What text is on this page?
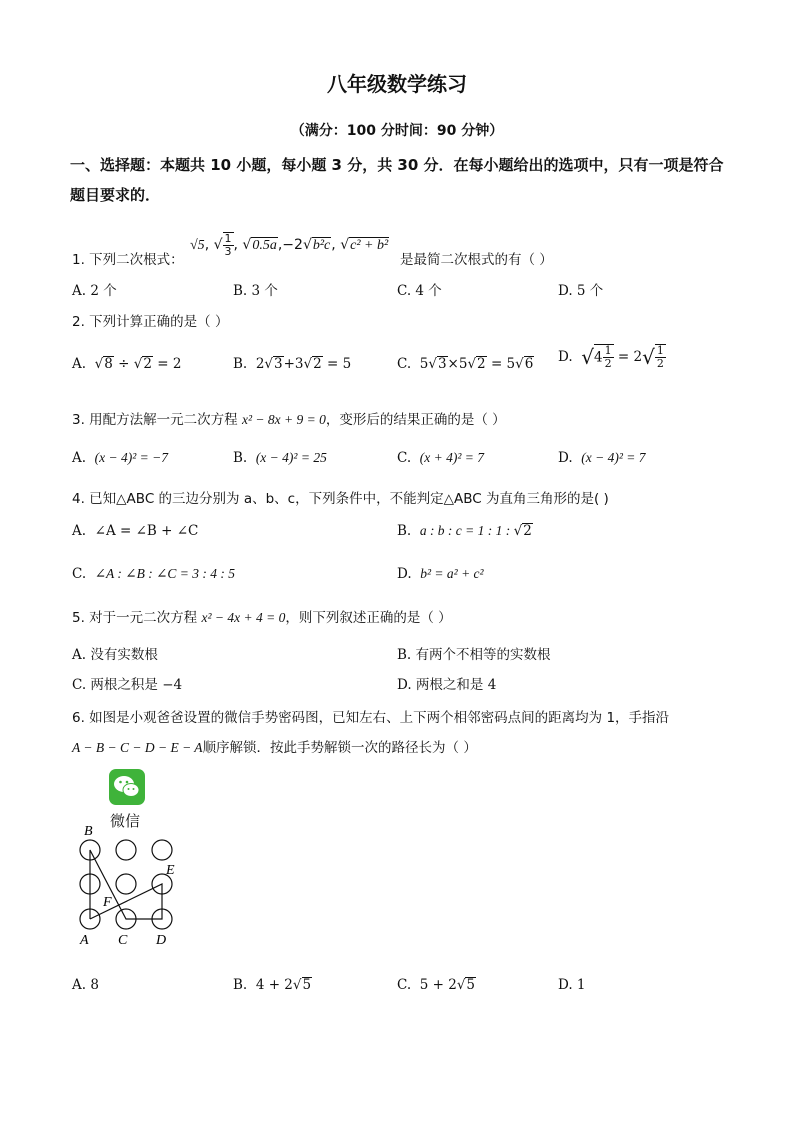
八年级数学练习
（满分：100 分时间：90 分钟）
一、选择题：本题共 10 小题，每小题 3 分，共 30 分．在每小题给出的选项中，只有一项是符合题目要求的．
1. 下列二次根式：
√5, √ $\frac{1}{3}$ , √0.5a,−2√b²c, √c² + b²
是最简二次根式的有（ ）
A. 2 个	B. 3 个	C. 4 个	D. 5 个
2. 下列计算正确的是（ ）
A.  √8 ÷ √2 = 2	B. 2√3+3√2 = 5	C. 5√3×5√2 = 5√6 D. $√4 \frac{1}{2} = 2√ \frac{1}{2}$
3. 用配方法解一元二次方程 x² − 8x + 9 = 0，变形后的结果正确的是（ ）
A. (x − 4)² = −7	B. (x − 4)² = 25	C. (x + 4)² = 7	D. (x − 4)² = 7
4. 已知△ABC 的三边分别为 a、b、c，下列条件中，不能判定△ABC 为直角三角形的是( )
A. ∠A = ∠B + ∠C	B. a : b : c = 1 : 1 : √2
C. ∠A : ∠B : ∠C = 3 : 4 : 5	D. b² = a² + c²
5. 对于一元二次方程 x² − 4x + 4 = 0，则下列叙述正确的是（ ）
A. 没有实数根	B. 有两个不相等的实数根
C. 两根之积是 −4	D. 两根之和是 4
6. 如图是小观爸爸设置的微信手势密码图，已知左右、上下两个相邻密码点间的距离均为 1，手指沿
A − B − C − D − E − A顺序解锁．按此手势解锁一次的路径长为（ ）
微信
B
E
F
A C D
A. 8	B. 4 + 2√5	C. 5 + 2√5	D. 1
